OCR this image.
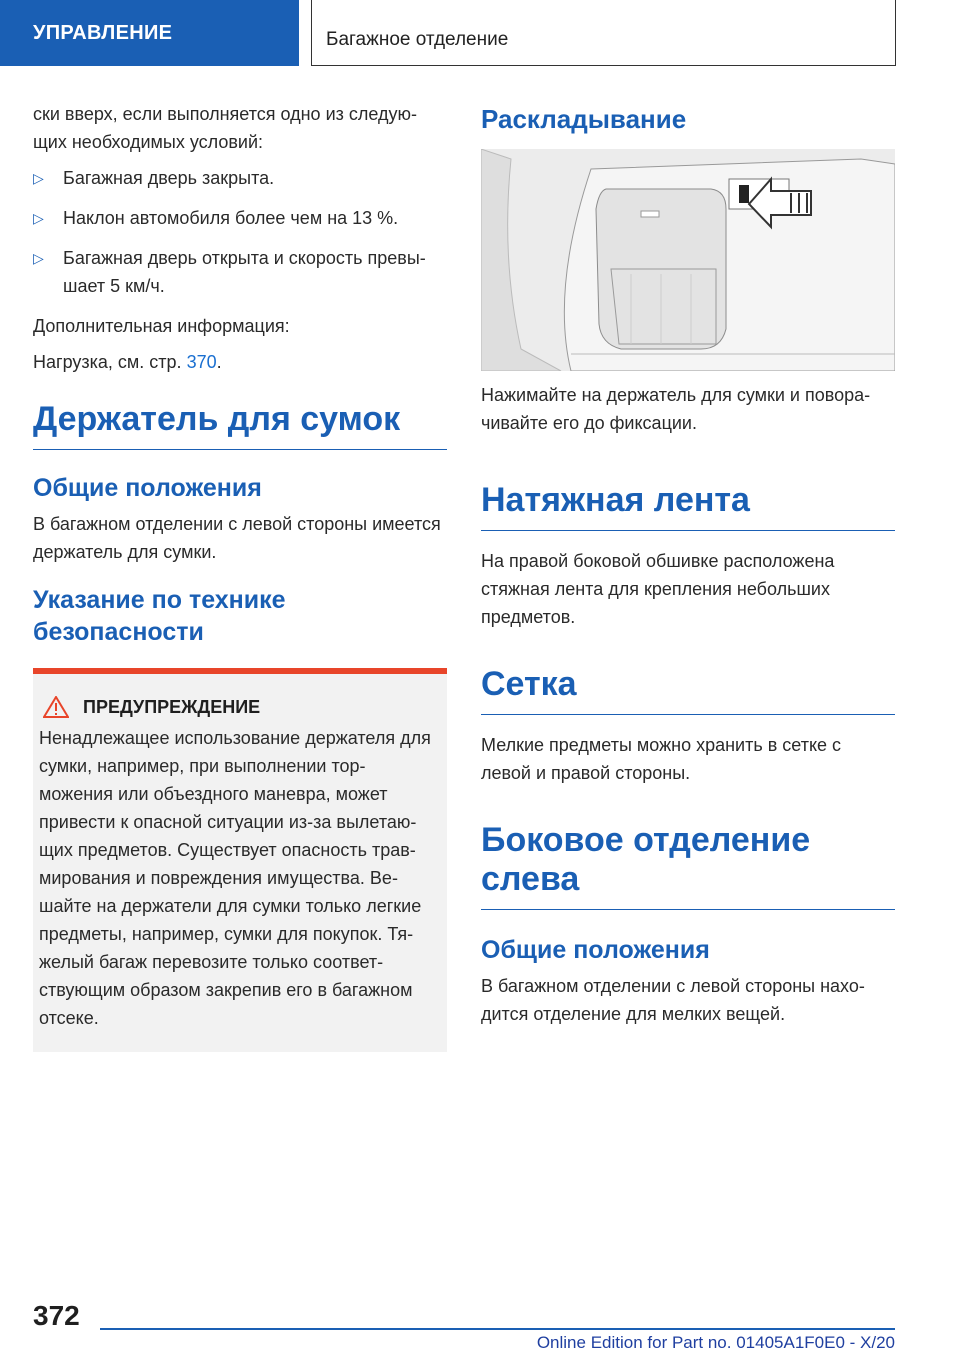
УПРАВЛЕНИЕ	Багажное отделение

ски вверх, если выполняется одно из следую-щих необходимых условий:

▷ Багажная дверь закрыта.
▷ Наклон автомобиля более чем на 13 %.
▷ Багажная дверь открыта и скорость превы-шает 5 км/ч.

Дополнительная информация:

Нагрузка, см. стр. 370.

Держатель для сумок
Общие положения

В багажном отделении с левой стороны имеется держатель для сумки.

Указание по технике безопасности
ПРЕДУПРЕЖДЕНИЕ

Ненадлежащее использование держателя для сумки, например, при выполнении тор-можения или объездного маневра, может привести к опасной ситуации из-за вылетаю-щих предметов. Существует опасность трав-мирования и повреждения имущества. Ве-шайте на держатели для сумки только легкие предметы, например, сумки для покупок. Тя-желый багаж перевозите только соответ-ствующим образом закрепив его в багажном отсеке.

Раскладывание

Нажимайте на держатель для сумки и повора-чивайте его до фиксации.

Натяжная лента

На правой боковой обшивке расположена стяжная лента для крепления небольших предметов.

Сетка

Мелкие предметы можно хранить в сетке с левой и правой стороны.

Боковое отделение слева
Общие положения

В багажном отделении с левой стороны нахо-дится отделение для мелких вещей.

372
Online Edition for Part no. 01405A1F0E0 - X/20
